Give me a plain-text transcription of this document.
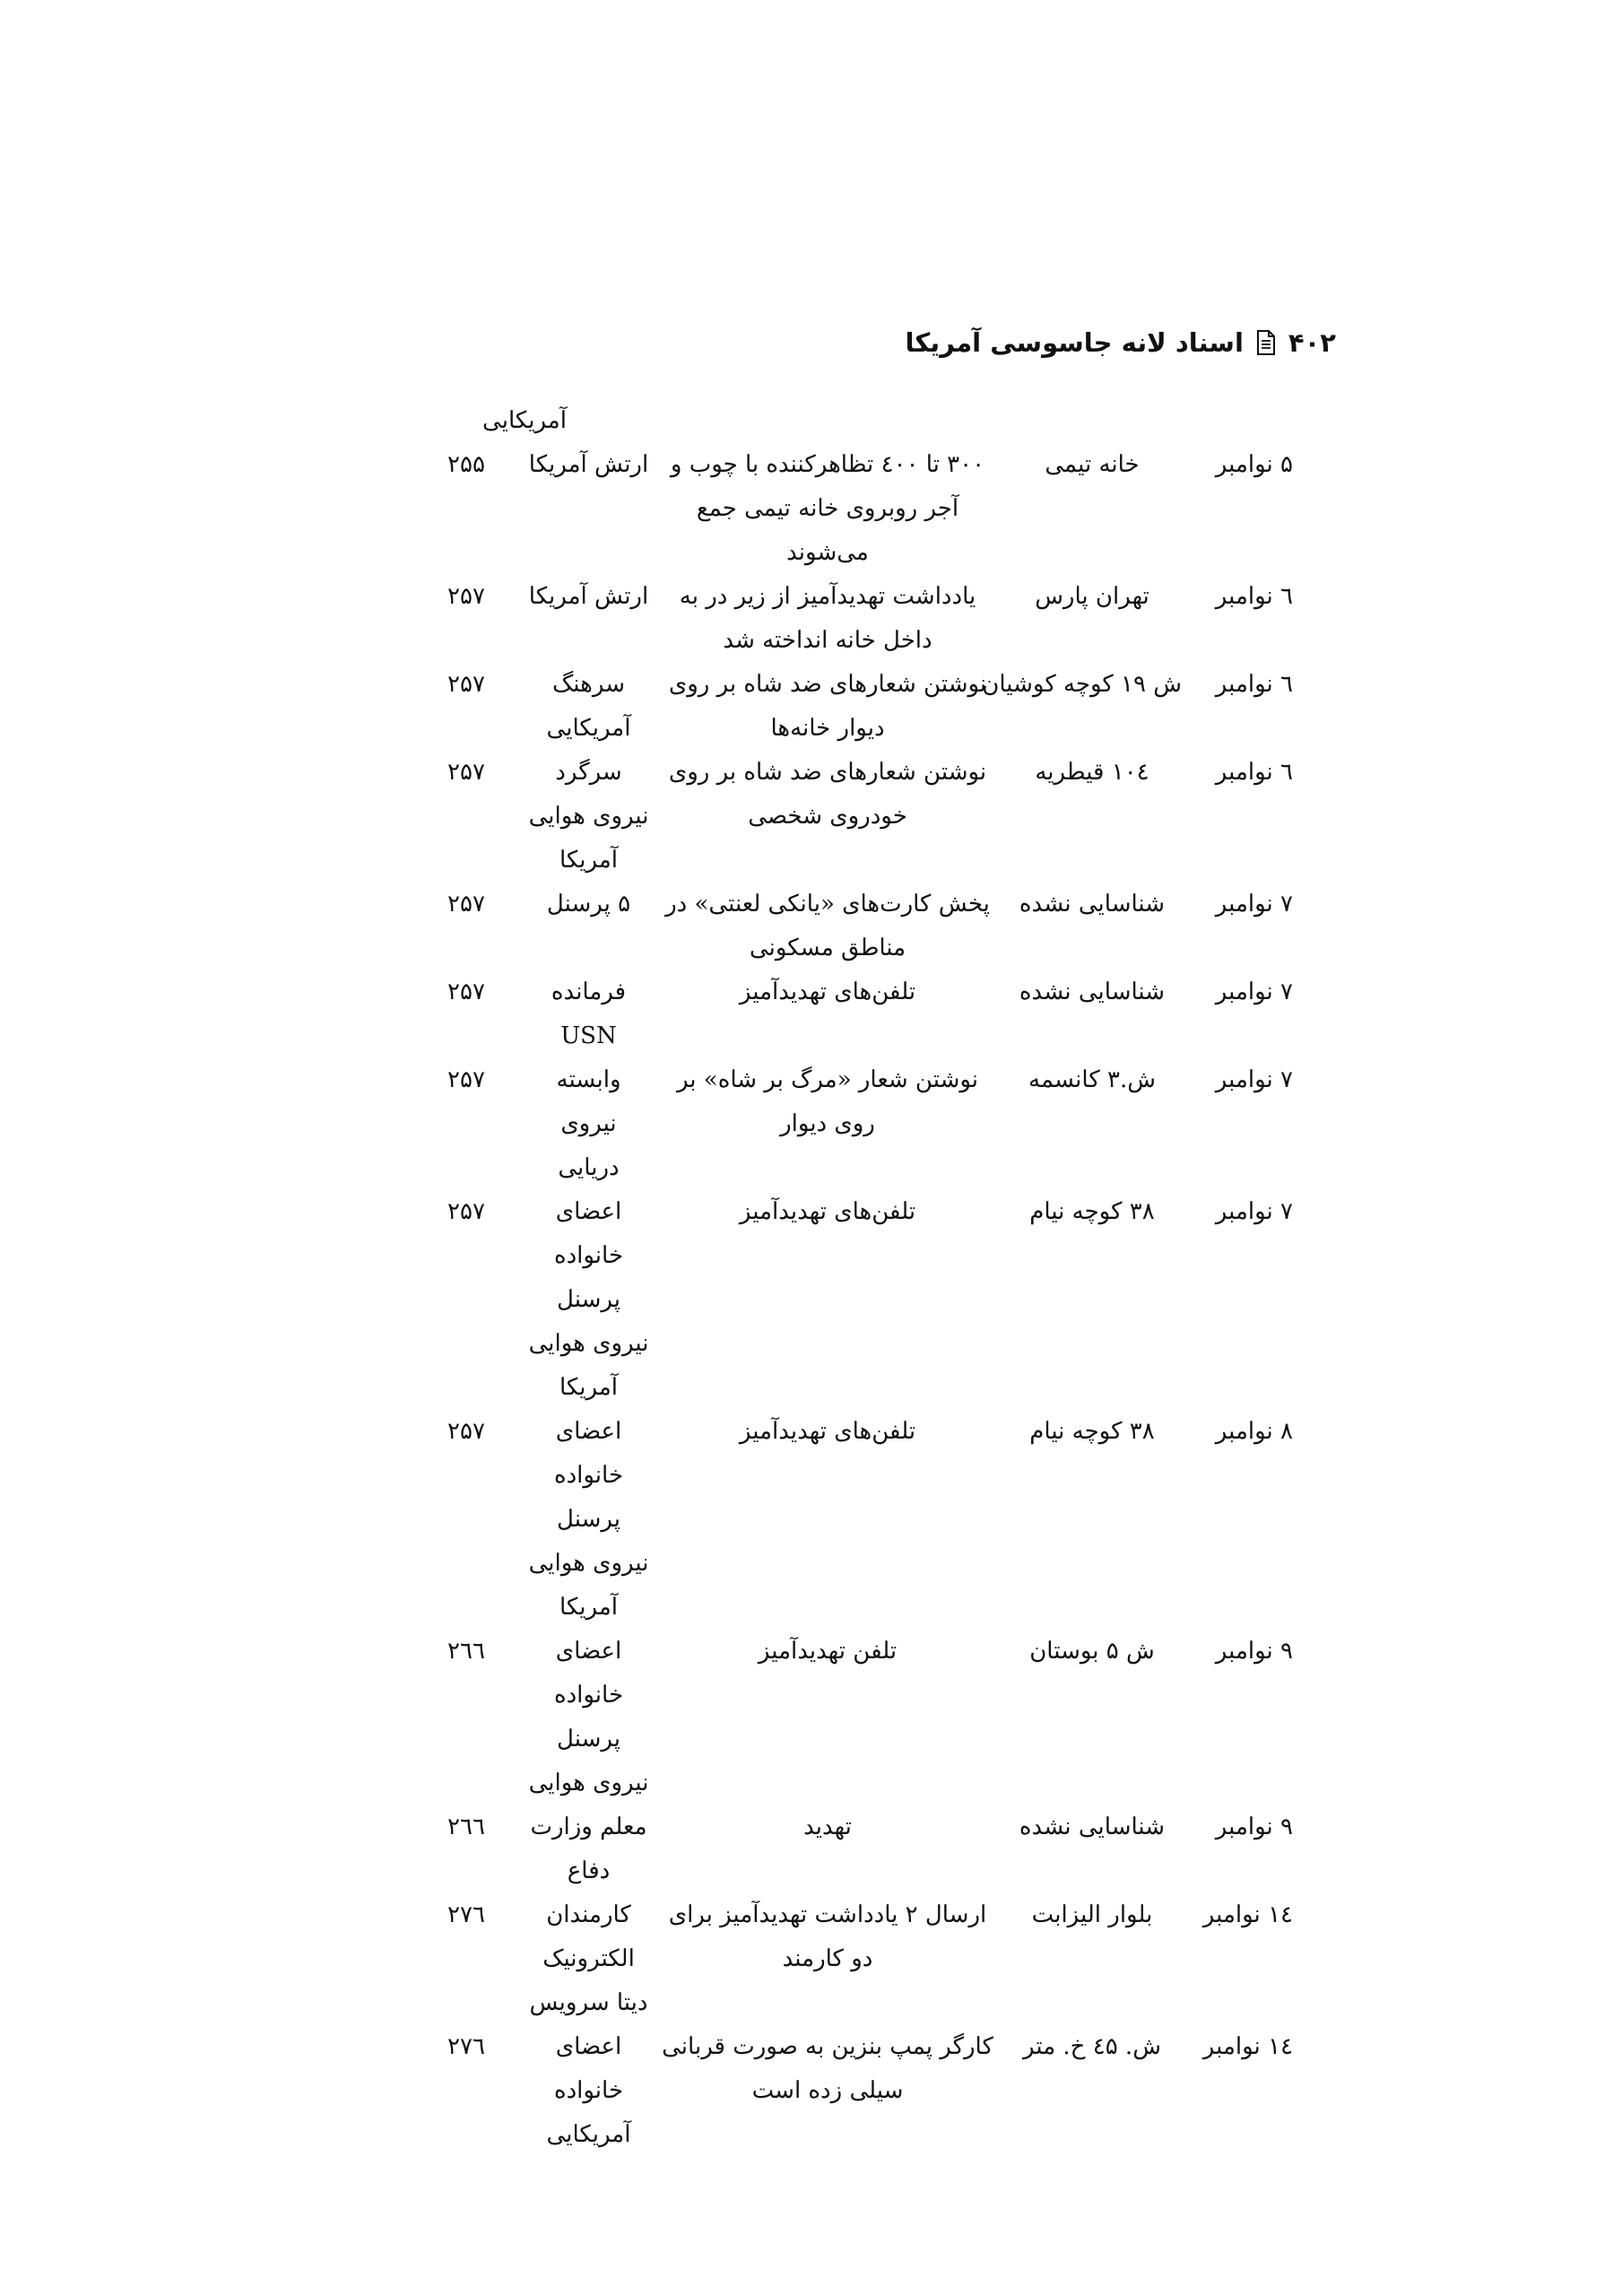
۴۰۲
اسناد لانه جاسوسی آمریکا
آمریکایی
۵ نوامبر
خانه تیمی
۳۰۰ تا ٤۰۰ تظاهرکننده با چوب و آجر روبروی خانه تیمی جمع می‌شوند
ارتش آمریکا
۲۵۵
٦ نوامبر
تهران پارس
یادداشت تهدیدآمیز از زیر در به داخل خانه انداخته شد
ارتش آمریکا
۲۵۷
٦ نوامبر
ش ۱۹ کوچه کوشیان
نوشتن شعارهای ضد شاه بر روی دیوار خانه‌ها
سرهنگ آمریکایی
۲۵۷
٦ نوامبر
۱۰٤ قیطریه
نوشتن شعارهای ضد شاه بر روی خودروی شخصی
سرگرد نیروی هوایی آمریکا
۲۵۷
۷ نوامبر
شناسایی نشده
پخش کارت‌های «یانکی لعنتی» در مناطق مسکونی
۵ پرسنل
۲۵۷
۷ نوامبر
شناسایی نشده
تلفن‌های تهدیدآمیز
فرمانده USN
۲۵۷
۷ نوامبر
ش.۳ کانسمه
نوشتن شعار «مرگ بر شاه» بر روی دیوار
وابسته نیروی دریایی
۲۵۷
۷ نوامبر
۳۸ کوچه نیام
تلفن‌های تهدیدآمیز
اعضای خانواده پرسنل نیروی هوایی آمریکا
۲۵۷
۸ نوامبر
۳۸ کوچه نیام
تلفن‌های تهدیدآمیز
اعضای خانواده پرسنل نیروی هوایی آمریکا
۲۵۷
۹ نوامبر
ش ۵ بوستان
تلفن تهدیدآمیز
اعضای خانواده پرسنل نیروی هوایی
۲٦٦
۹ نوامبر
شناسایی نشده
تهدید
معلم وزارت دفاع
۲٦٦
۱٤ نوامبر
بلوار الیزابت
ارسال ۲ یادداشت تهدیدآمیز برای دو کارمند
کارمندان الکترونیک دیتا سرویس
۲۷٦
۱٤ نوامبر
ش. ٤۵ خ. متر
کارگر پمپ بنزین به صورت قربانی سیلی زده است
اعضای خانواده آمریکایی
۲۷٦
